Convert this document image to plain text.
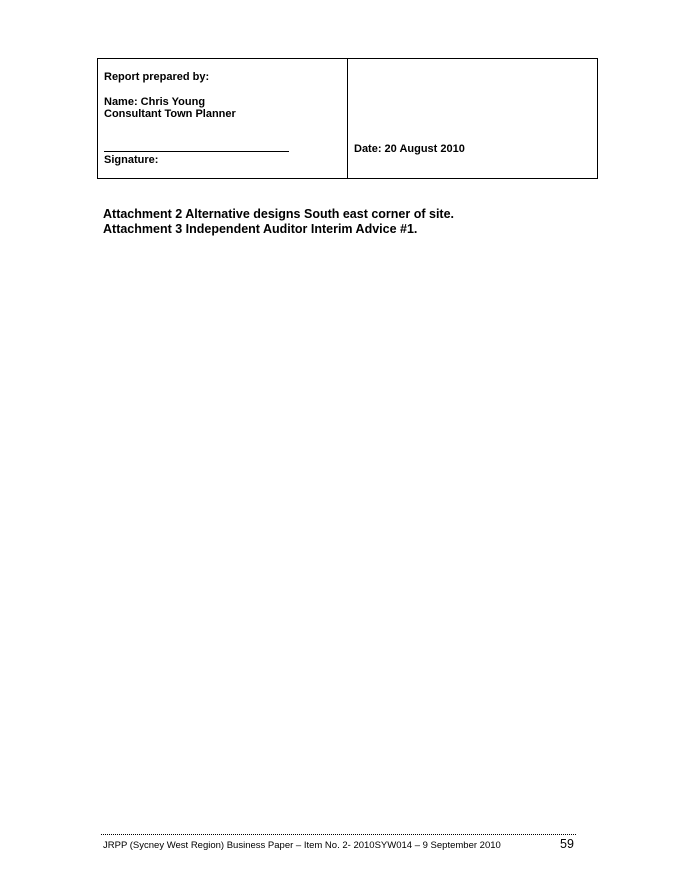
Report prepared by:
Name: Chris Young
Consultant Town Planner
Signature:
Date: 20 August 2010
Attachment 2 Alternative designs South east corner of site.
Attachment 3 Independent Auditor Interim Advice #1.
JRPP (Sycney West Region) Business Paper – Item No. 2- 2010SYW014 – 9 September 2010	59
